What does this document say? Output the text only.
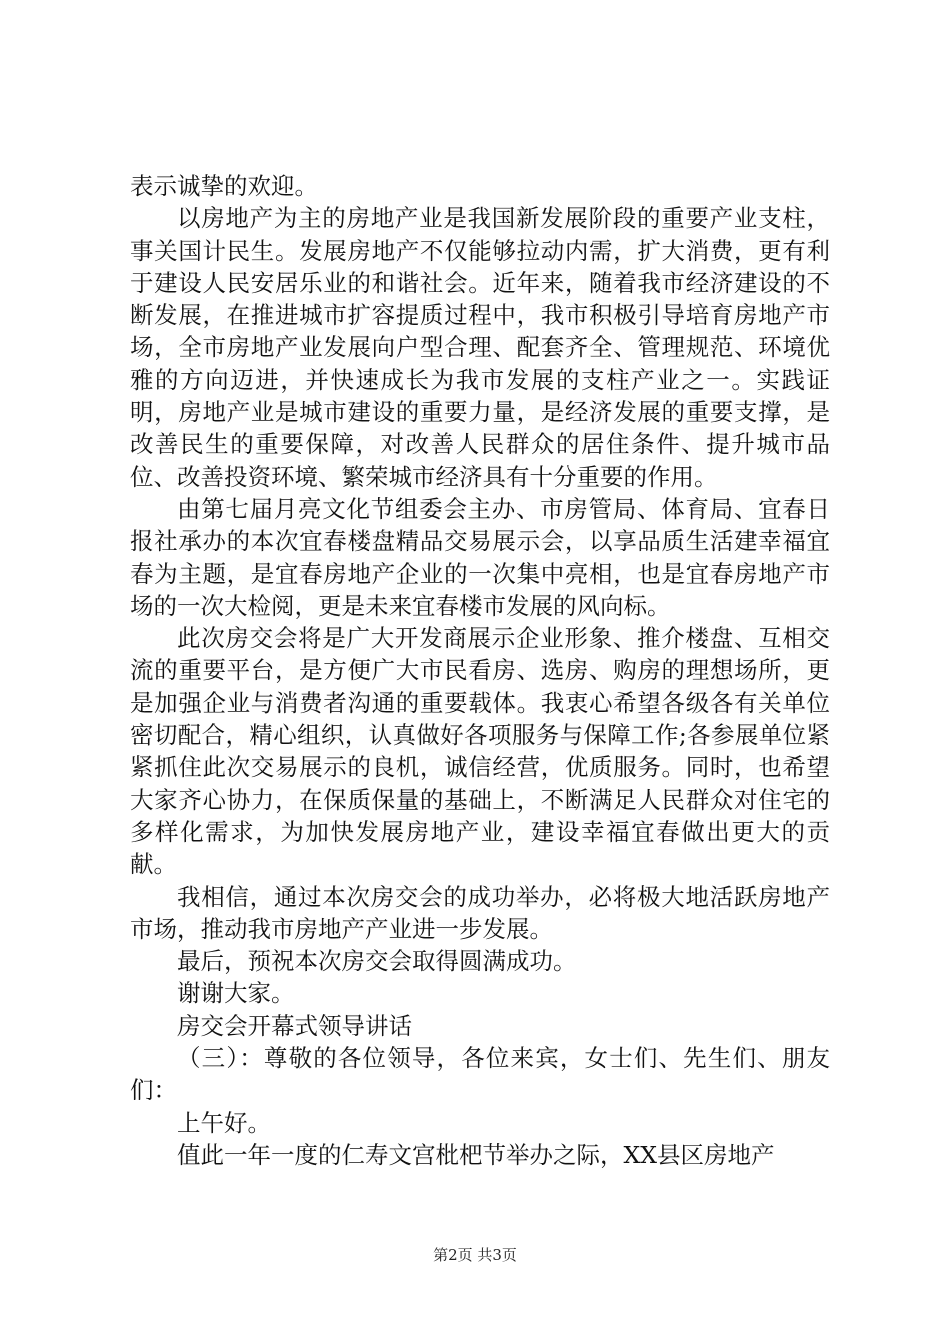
表示诚挚的欢迎。

以房地产为主的房地产业是我国新发展阶段的重要产业支柱，事关国计民生。发展房地产不仅能够拉动内需，扩大消费，更有利于建设人民安居乐业的和谐社会。近年来，随着我市经济建设的不断发展，在推进城市扩容提质过程中，我市积极引导培育房地产市场，全市房地产业发展向户型合理、配套齐全、管理规范、环境优雅的方向迈进，并快速成长为我市发展的支柱产业之一。实践证明，房地产业是城市建设的重要力量，是经济发展的重要支撑，是改善民生的重要保障，对改善人民群众的居住条件、提升城市品位、改善投资环境、繁荣城市经济具有十分重要的作用。

由第七届月亮文化节组委会主办、市房管局、体育局、宜春日报社承办的本次宜春楼盘精品交易展示会，以享品质生活建幸福宜春为主题，是宜春房地产企业的一次集中亮相，也是宜春房地产市场的一次大检阅，更是未来宜春楼市发展的风向标。

此次房交会将是广大开发商展示企业形象、推介楼盘、互相交流的重要平台，是方便广大市民看房、选房、购房的理想场所，更是加强企业与消费者沟通的重要载体。我衷心希望各级各有关单位密切配合，精心组织，认真做好各项服务与保障工作;各参展单位紧紧抓住此次交易展示的良机，诚信经营，优质服务。同时，也希望大家齐心协力，在保质保量的基础上，不断满足人民群众对住宅的多样化需求，为加快发展房地产业，建设幸福宜春做出更大的贡献。

我相信，通过本次房交会的成功举办，必将极大地活跃房地产市场，推动我市房地产产业进一步发展。

最后，预祝本次房交会取得圆满成功。

谢谢大家。

房交会开幕式领导讲话

（三）：尊敬的各位领导，各位来宾，女士们、先生们、朋友们：

上午好。

值此一年一度的仁寿文宫枇杷节举办之际，XX县区房地产

第2页 共3页
